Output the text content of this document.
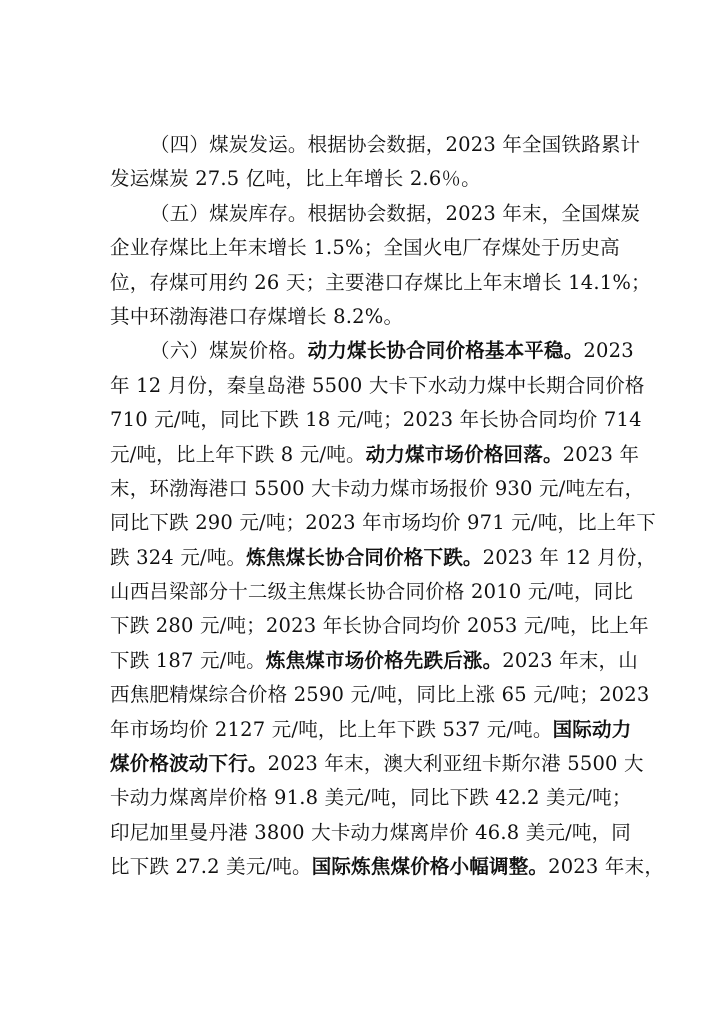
（四）煤炭发运。根据协会数据，2023 年全国铁路累计
发运煤炭 27.5 亿吨，比上年增长 2.6％。
（五）煤炭库存。根据协会数据，2023 年末，全国煤炭
企业存煤比上年末增长 1.5%；全国火电厂存煤处于历史高
位，存煤可用约 26 天；主要港口存煤比上年末增长 14.1%；
其中环渤海港口存煤增长 8.2%。
（六）煤炭价格。动力煤长协合同价格基本平稳。2023
年 12 月份，秦皇岛港 5500 大卡下水动力煤中长期合同价格
710 元/吨，同比下跌 18 元/吨；2023 年长协合同均价 714
元/吨，比上年下跌 8 元/吨。动力煤市场价格回落。2023 年
末，环渤海港口 5500 大卡动力煤市场报价 930 元/吨左右，
同比下跌 290 元/吨；2023 年市场均价 971 元/吨，比上年下
跌 324 元/吨。炼焦煤长协合同价格下跌。2023 年 12 月份，
山西吕梁部分十二级主焦煤长协合同价格 2010 元/吨，同比
下跌 280 元/吨；2023 年长协合同均价 2053 元/吨，比上年
下跌 187 元/吨。炼焦煤市场价格先跌后涨。2023 年末，山
西焦肥精煤综合价格 2590 元/吨，同比上涨 65 元/吨；2023
年市场均价 2127 元/吨，比上年下跌 537 元/吨。国际动力
煤价格波动下行。2023 年末，澳大利亚纽卡斯尔港 5500 大
卡动力煤离岸价格 91.8 美元/吨，同比下跌 42.2 美元/吨；
印尼加里曼丹港 3800 大卡动力煤离岸价 46.8 美元/吨，同
比下跌 27.2 美元/吨。国际炼焦煤价格小幅调整。2023 年末，
